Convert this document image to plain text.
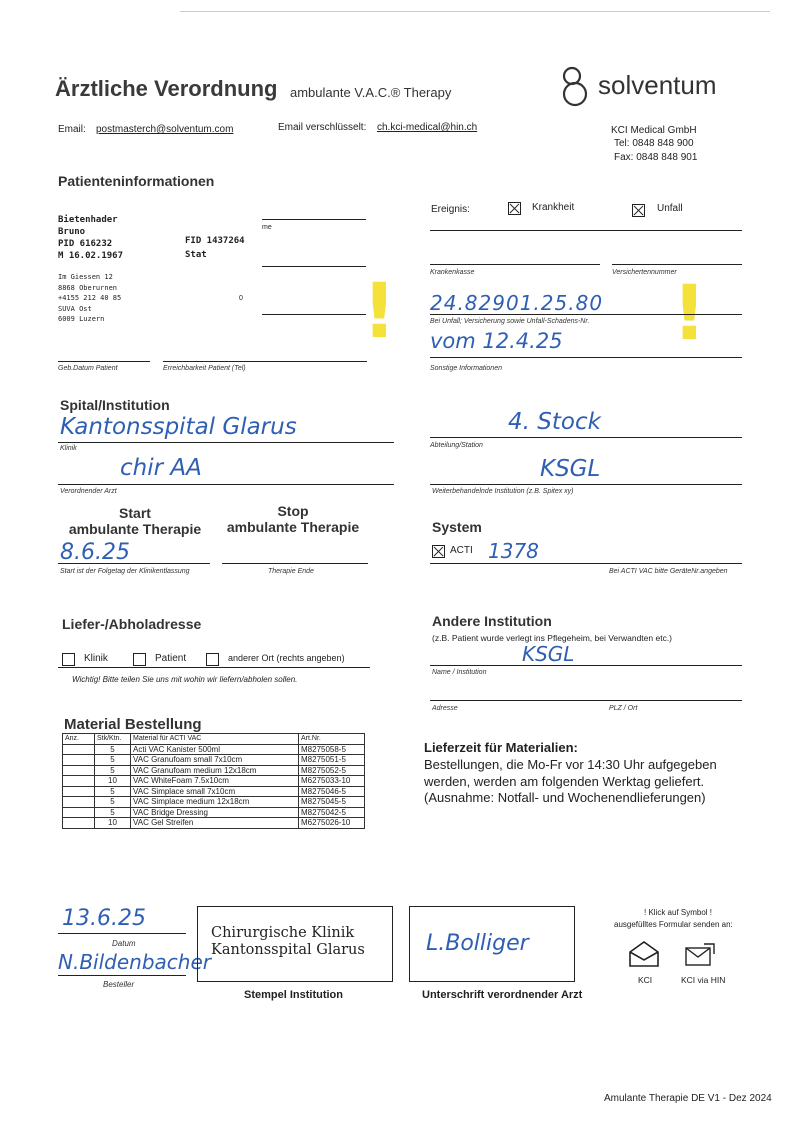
Ärztliche Verordnung ambulante V.A.C.® Therapy	solventum
Email: postmasterch@solventum.com	Email verschlüsselt: ch.kci-medical@hin.ch	KCI Medical GmbH
Tel: 0848 848 900
Fax: 0848 848 901
Patienteninformationen
Bietenhader
Bruno
PID 616232
M 16.02.1967
FID 1437264
Stat
Im Giessen 12
8868 Oberurnen
+4155 212 40 85
SUVA Ost
6009 Luzern
0
me
Geb.Datum Patient	Erreichbarkeit Patient (Tel)
!	!
Ereignis:	Krankheit	Unfall
Krankenkasse	Versichertennummer
24.82901.25.80
Bei Unfall; Versicherung sowie Unfall-Schadens-Nr.
vom 12.4.25
Sonstige Informationen
Spital/Institution
Kantonsspital Glarus
Klinik
4. Stock
Abteilung/Station
chir AA
Verordnender Arzt
KSGL
Weiterbehandelnde Institution (z.B. Spitex xy)
Start
ambulante Therapie
Stop
ambulante Therapie
8.6.25
Start ist der Folgetag der Klinikentlassung	Therapie Ende
System
ACTI 1378
Bei ACTI VAC bitte GeräteNr.angeben
Liefer-/Abholadresse
Klinik	Patient	anderer Ort (rechts angeben)
Wichtig! Bitte teilen Sie uns mit wohin wir liefern/abholen sollen.
Andere Institution
(z.B. Patient wurde verlegt ins Pflegeheim, bei Verwandten etc.)
KSGL
Name / Institution
Adresse	PLZ / Ort
Material Bestellung
Anz.	Stk/Ktn.	Material für ACTI VAC	Art.Nr.
	5	Acti VAC Kanister 500ml	M8275058-5
	5	VAC Granufoam small 7x10cm	M8275051-5
	5	VAC Granufoam medium 12x18cm	M8275052-5
	10	VAC WhiteFoam 7.5x10cm	M6275033-10
	5	VAC Simplace small 7x10cm	M8275046-5
	5	VAC Simplace medium 12x18cm	M8275045-5
	5	VAC Bridge Dressing	M8275042-5
	10	VAC Gel Streifen	M6275026-10
Lieferzeit für Materialien:
Bestellungen, die Mo-Fr vor 14:30 Uhr aufgegeben
werden, werden am folgenden Werktag geliefert.
(Ausnahme: Notfall- und Wochenendlieferungen)
13.6.25
Datum
N.Bildenbacher
Besteller
Chirurgische Klinik
Kantonsspital Glarus
Stempel Institution
L.Bolliger
Unterschrift verordnender Arzt
! Klick auf Symbol !
ausgefülltes Formular senden an:
KCI	KCI via HIN
Amulante Therapie DE V1 - Dez 2024
